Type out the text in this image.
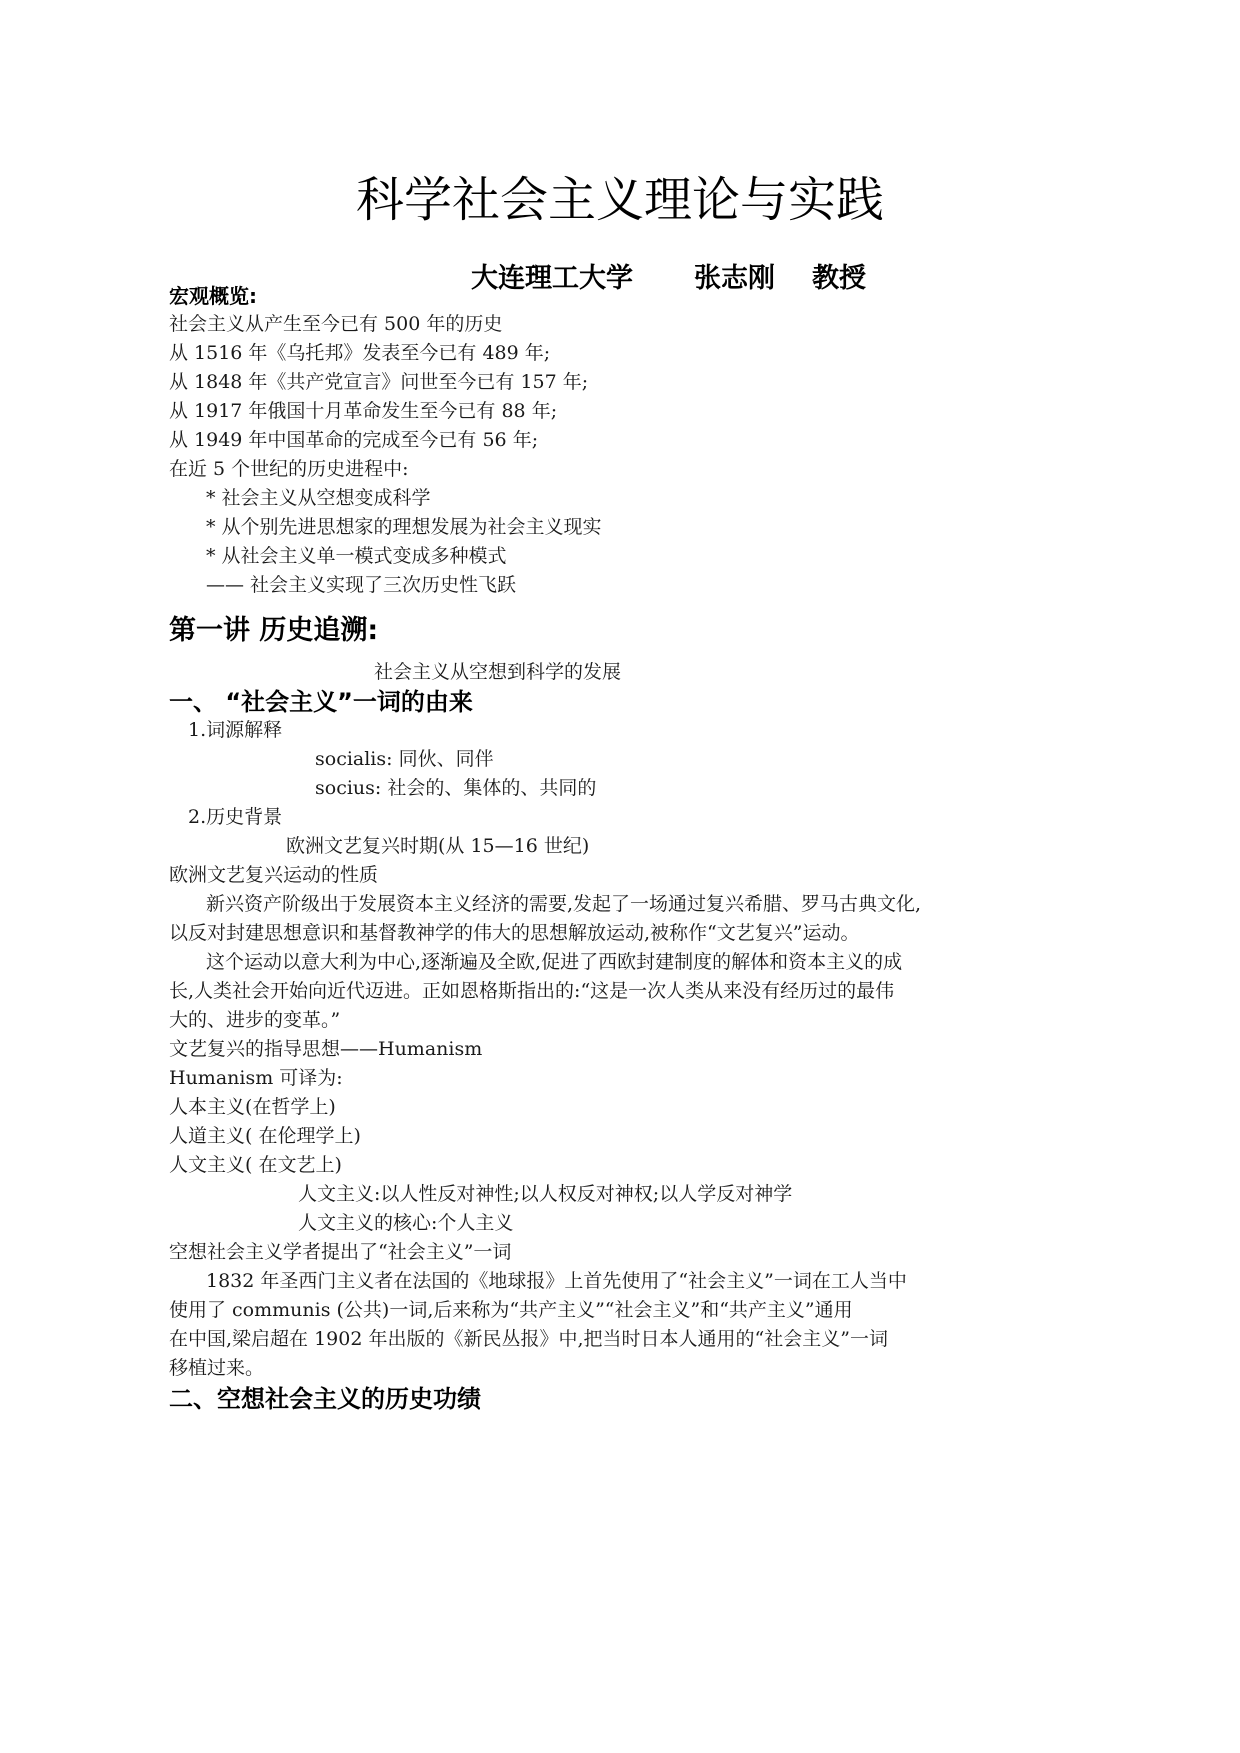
科学社会主义理论与实践
大连理工大学 张志刚 教授
宏观概览:
社会主义从产生至今已有 500 年的历史
从 1516 年《乌托邦》发表至今已有 489 年;
从 1848 年《共产党宣言》问世至今已有 157 年;
从 1917 年俄国十月革命发生至今已有 88 年;
从 1949 年中国革命的完成至今已有 56 年;
在近 5 个世纪的历史进程中:
* 社会主义从空想变成科学
* 从个别先进思想家的理想发展为社会主义现实
* 从社会主义单一模式变成多种模式
—— 社会主义实现了三次历史性飞跃
第一讲 历史追溯:
社会主义从空想到科学的发展
一、 “社会主义”一词的由来
1.词源解释
socialis: 同伙、同伴
socius: 社会的、集体的、共同的
2.历史背景
欧洲文艺复兴时期(从 15—16 世纪)
欧洲文艺复兴运动的性质
新兴资产阶级出于发展资本主义经济的需要,发起了一场通过复兴希腊、罗马古典文化,
以反对封建思想意识和基督教神学的伟大的思想解放运动,被称作“文艺复兴”运动。
这个运动以意大利为中心,逐渐遍及全欧,促进了西欧封建制度的解体和资本主义的成
长,人类社会开始向近代迈进。正如恩格斯指出的:“这是一次人类从来没有经历过的最伟
大的、进步的变革。”
文艺复兴的指导思想——Humanism
Humanism 可译为:
人本主义(在哲学上)
人道主义( 在伦理学上)
人文主义( 在文艺上)
人文主义:以人性反对神性;以人权反对神权;以人学反对神学
人文主义的核心:个人主义
空想社会主义学者提出了“社会主义”一词
1832 年圣西门主义者在法国的《地球报》上首先使用了“社会主义”一词在工人当中
使用了 communis (公共)一词,后来称为“共产主义”“社会主义”和“共产主义”通用
在中国,梁启超在 1902 年出版的《新民丛报》中,把当时日本人通用的“社会主义”一词
移植过来。
二、空想社会主义的历史功绩
